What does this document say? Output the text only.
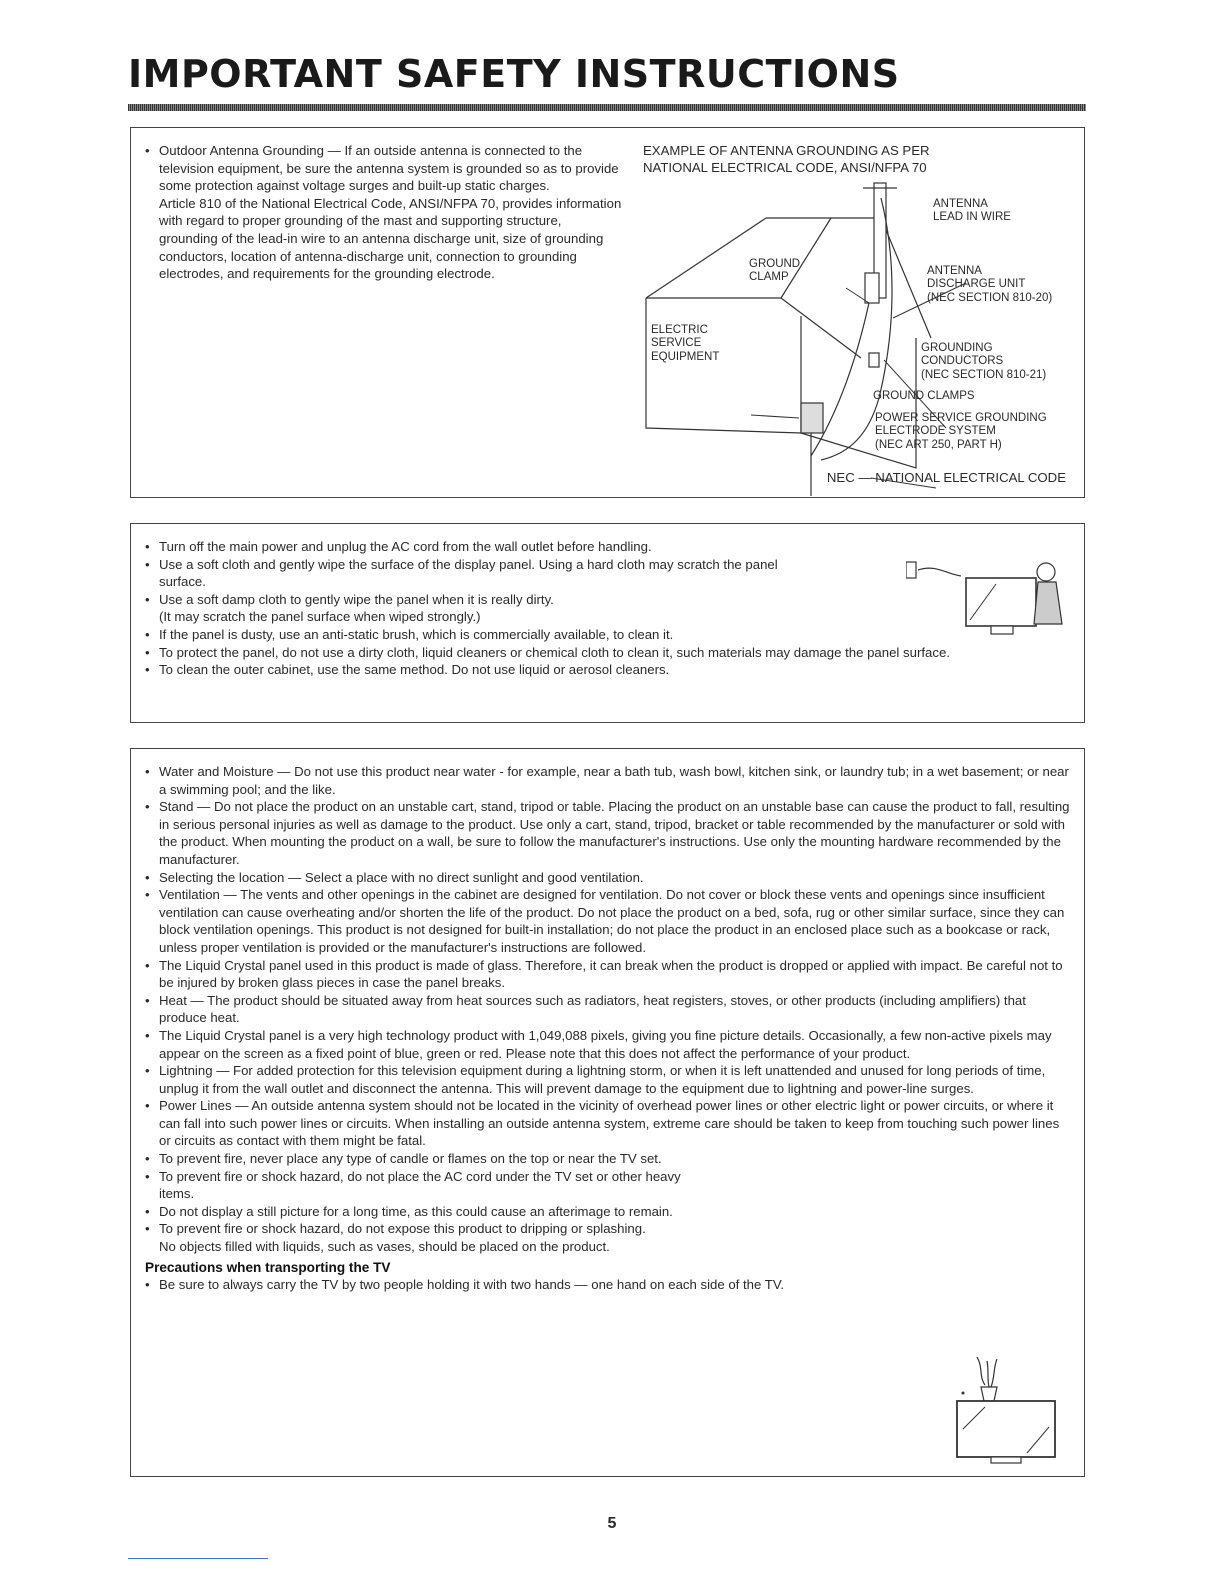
IMPORTANT SAFETY INSTRUCTIONS
• Outdoor Antenna Grounding — If an outside antenna is connected to the television equipment, be sure the antenna system is grounded so as to provide some protection against voltage surges and built-up static charges.

Article 810 of the National Electrical Code, ANSI/NFPA 70, provides information with regard to proper grounding of the mast and supporting structure, grounding of the lead-in wire to an antenna discharge unit, size of grounding conductors, location of antenna-discharge unit, connection to grounding electrodes, and requirements for the grounding electrode.

EXAMPLE OF ANTENNA GROUNDING AS PER
NATIONAL ELECTRICAL CODE, ANSI/NFPA 70
ANTENNA
LEAD IN WIRE
GROUND
CLAMP
ANTENNA
DISCHARGE UNIT
(NEC SECTION 810-20)
ELECTRIC
SERVICE
EQUIPMENT
GROUNDING
CONDUCTORS
(NEC SECTION 810-21)
GROUND CLAMPS
POWER SERVICE GROUNDING
ELECTRODE SYSTEM
(NEC ART 250, PART H)
NEC — NATIONAL ELECTRICAL CODE
• Turn off the main power and unplug the AC cord from the wall outlet before handling.
• Use a soft cloth and gently wipe the surface of the display panel. Using a hard cloth may scratch the panel surface.
• Use a soft damp cloth to gently wipe the panel when it is really dirty.
(It may scratch the panel surface when wiped strongly.)
• If the panel is dusty, use an anti-static brush, which is commercially available, to clean it.
• To protect the panel, do not use a dirty cloth, liquid cleaners or chemical cloth to clean it, such materials may damage the panel surface.
• To clean the outer cabinet, use the same method. Do not use liquid or aerosol cleaners.
• Water and Moisture — Do not use this product near water - for example, near a bath tub, wash bowl, kitchen sink, or laundry tub; in a wet basement; or near a swimming pool; and the like.
• Stand — Do not place the product on an unstable cart, stand, tripod or table. Placing the product on an unstable base can cause the product to fall, resulting in serious personal injuries as well as damage to the product. Use only a cart, stand, tripod, bracket or table recommended by the manufacturer or sold with the product. When mounting the product on a wall, be sure to follow the manufacturer's instructions. Use only the mounting hardware recommended by the manufacturer.
• Selecting the location — Select a place with no direct sunlight and good ventilation.
• Ventilation — The vents and other openings in the cabinet are designed for ventilation. Do not cover or block these vents and openings since insufficient ventilation can cause overheating and/or shorten the life of the product. Do not place the product on a bed, sofa, rug or other similar surface, since they can block ventilation openings. This product is not designed for built-in installation; do not place the product in an enclosed place such as a bookcase or rack, unless proper ventilation is provided or the manufacturer's instructions are followed.
• The Liquid Crystal panel used in this product is made of glass. Therefore, it can break when the product is dropped or applied with impact. Be careful not to be injured by broken glass pieces in case the panel breaks.
• Heat — The product should be situated away from heat sources such as radiators, heat registers, stoves, or other products (including amplifiers) that produce heat.
• The Liquid Crystal panel is a very high technology product with 1,049,088 pixels, giving you fine picture details. Occasionally, a few non-active pixels may appear on the screen as a fixed point of blue, green or red. Please note that this does not affect the performance of your product.
• Lightning — For added protection for this television equipment during a lightning storm, or when it is left unattended and unused for long periods of time, unplug it from the wall outlet and disconnect the antenna. This will prevent damage to the equipment due to lightning and power-line surges.
• Power Lines — An outside antenna system should not be located in the vicinity of overhead power lines or other electric light or power circuits, or where it can fall into such power lines or circuits. When installing an outside antenna system, extreme care should be taken to keep from touching such power lines or circuits as contact with them might be fatal.
• To prevent fire, never place any type of candle or flames on the top or near the TV set.
• To prevent fire or shock hazard, do not place the AC cord under the TV set or other heavy items.
• Do not display a still picture for a long time, as this could cause an afterimage to remain.
• To prevent fire or shock hazard, do not expose this product to dripping or splashing.

No objects filled with liquids, such as vases, should be placed on the product.

Precautions when transporting the TV
• Be sure to always carry the TV by two people holding it with two hands — one hand on each side of the TV.
5
